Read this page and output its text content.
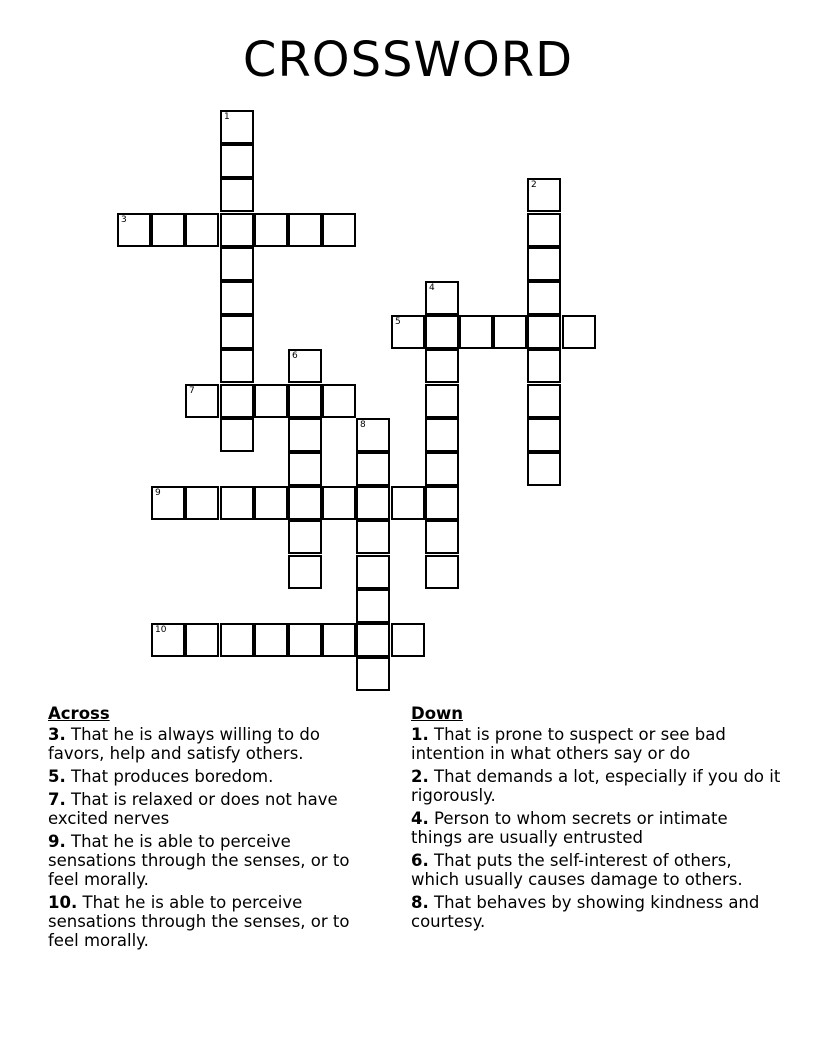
CROSSWORD
1
2
3
4
5
6
7
8
9
10
Across
3. That he is always willing to do favors, help and satisfy others.
5. That produces boredom.
7. That is relaxed or does not have excited nerves
9. That he is able to perceive sensations through the senses, or to feel morally.
10. That he is able to perceive sensations through the senses, or to feel morally.
Down
1. That is prone to suspect or see bad intention in what others say or do
2. That demands a lot, especially if you do it rigorously.
4. Person to whom secrets or intimate things are usually entrusted
6. That puts the self-interest of others, which usually causes damage to others.
8. That behaves by showing kindness and courtesy.
